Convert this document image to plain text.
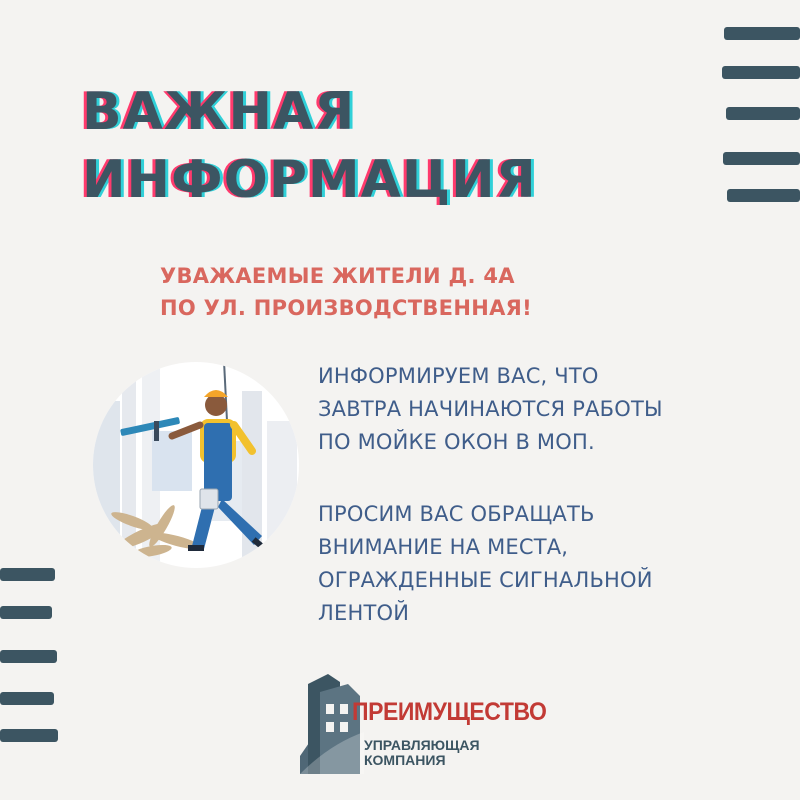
ВАЖНАЯ
ИНФОРМАЦИЯ

УВАЖАЕМЫЕ ЖИТЕЛИ Д. 4А
ПО УЛ. ПРОИЗВОДСТВЕННАЯ!

ИНФОРМИРУЕМ ВАС, ЧТО
ЗАВТРА НАЧИНАЮТСЯ РАБОТЫ
ПО МОЙКЕ ОКОН В МОП.

ПРОСИМ ВАС ОБРАЩАТЬ
ВНИМАНИЕ НА МЕСТА,
ОГРАЖДЕННЫЕ СИГНАЛЬНОЙ
ЛЕНТОЙ

ПРЕИМУЩЕСТВО

УПРАВЛЯЮЩАЯ
КОМПАНИЯ
